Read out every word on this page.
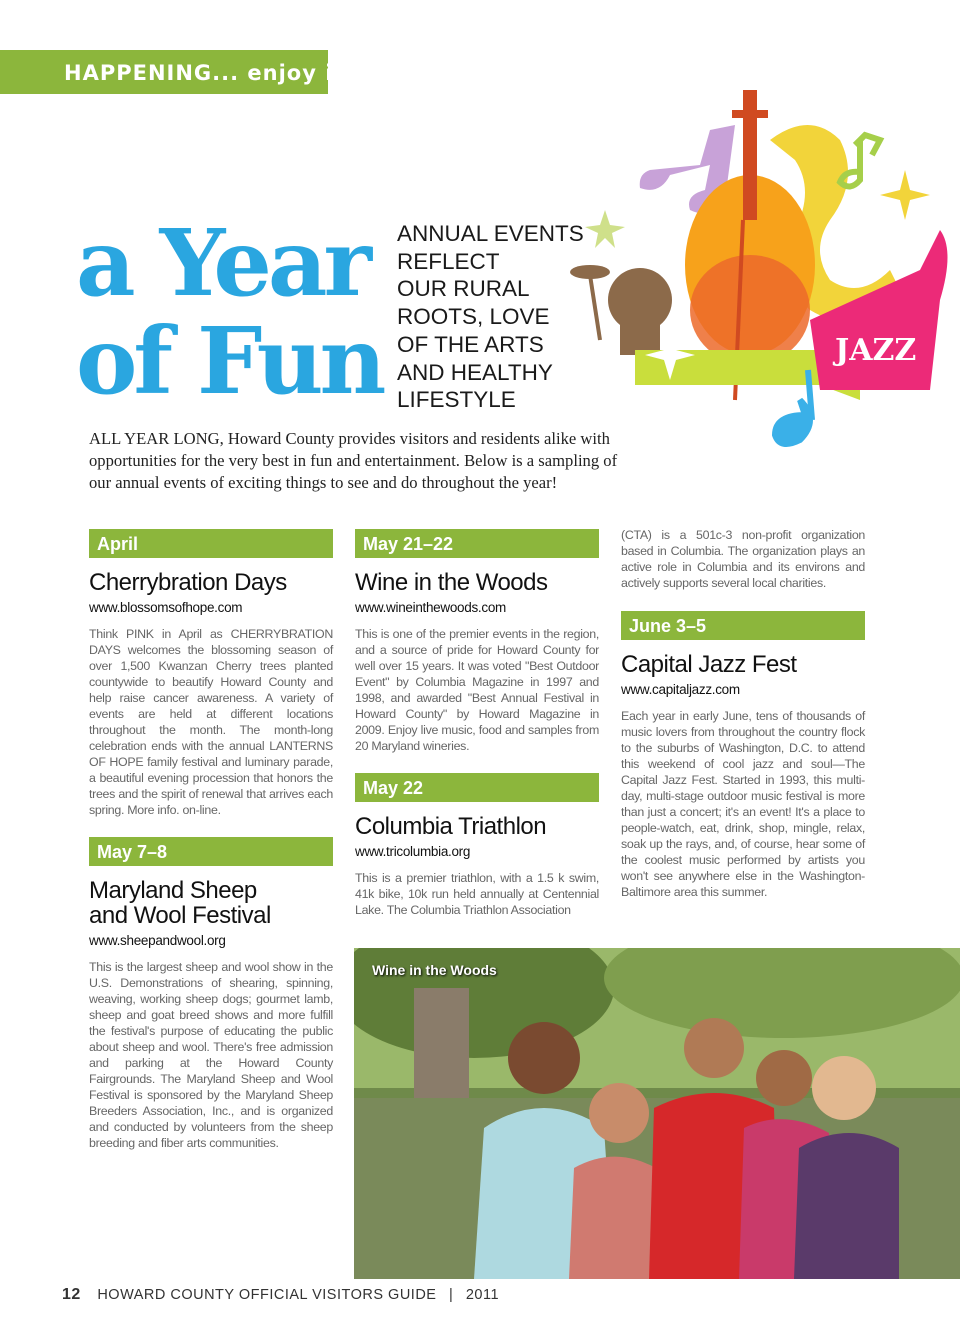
HAPPENING... enjoy it!
a Year
of Fun
ANNUAL EVENTS
REFLECT
OUR RURAL
ROOTS, LOVE
OF THE ARTS
AND HEALTHY
LIFESTYLE
JAZZ

ALL YEAR LONG, Howard County provides visitors and residents alike with opportunities for the very best in fun and entertainment. Below is a sampling of our annual events of exciting things to see and do throughout the year!

April
Cherrybration Days
www.blossomsofhope.com

Think PINK in April as CHERRYBRATION DAYS welcomes the blossoming season of over 1,500 Kwanzan Cherry trees planted countywide to beautify Howard County and help raise cancer awareness. A variety of events are held at different locations throughout the month. The month-long celebration ends with the annual LANTERNS OF HOPE family festival and luminary parade, a beautiful evening procession that honors the trees and the spirit of renewal that arrives each spring. More info. on-line.

May 7–8
Maryland Sheep
and Wool Festival
www.sheepandwool.org

This is the largest sheep and wool show in the U.S. Demonstrations of shearing, spinning, weaving, working sheep dogs; gourmet lamb, sheep and goat breed shows and more fulfill the festival's purpose of educating the public about sheep and wool. There's free admission and parking at the Howard County Fairgrounds. The Maryland Sheep and Wool Festival is sponsored by the Maryland Sheep Breeders Association, Inc., and is organized and conducted by volunteers from the sheep breeding and fiber arts communities.

May 21–22
Wine in the Woods
www.wineinthewoods.com

This is one of the premier events in the region, and a source of pride for Howard County for well over 15 years. It was voted "Best Outdoor Event" by Columbia Magazine in 1997 and 1998, and awarded "Best Annual Festival in Howard County" by Howard Magazine in 2009. Enjoy live music, food and samples from 20 Maryland wineries.

May 22
Columbia Triathlon
www.tricolumbia.org

This is a premier triathlon, with a 1.5 k swim, 41k bike, 10k run held annually at Centennial Lake. The Columbia Triathlon Association

(CTA) is a 501c-3 non-profit organization based in Columbia. The organization plays an active role in Columbia and its environs and actively supports several local charities.

June 3–5
Capital Jazz Fest
www.capitaljazz.com

Each year in early June, tens of thousands of music lovers from throughout the country flock to the suburbs of Washington, D.C. to attend this weekend of cool jazz and soul—The Capital Jazz Fest. Started in 1993, this multi-day, multi-stage outdoor music festival is more than just a concert; it's an event! It's a place to people-watch, eat, drink, shop, mingle, relax, soak up the rays, and, of course, hear some of the coolest music performed by artists you won't see anywhere else in the Washington-Baltimore area this summer.

Wine in the Woods
12 HOWARD COUNTY OFFICIAL VISITORS GUIDE | 2011
